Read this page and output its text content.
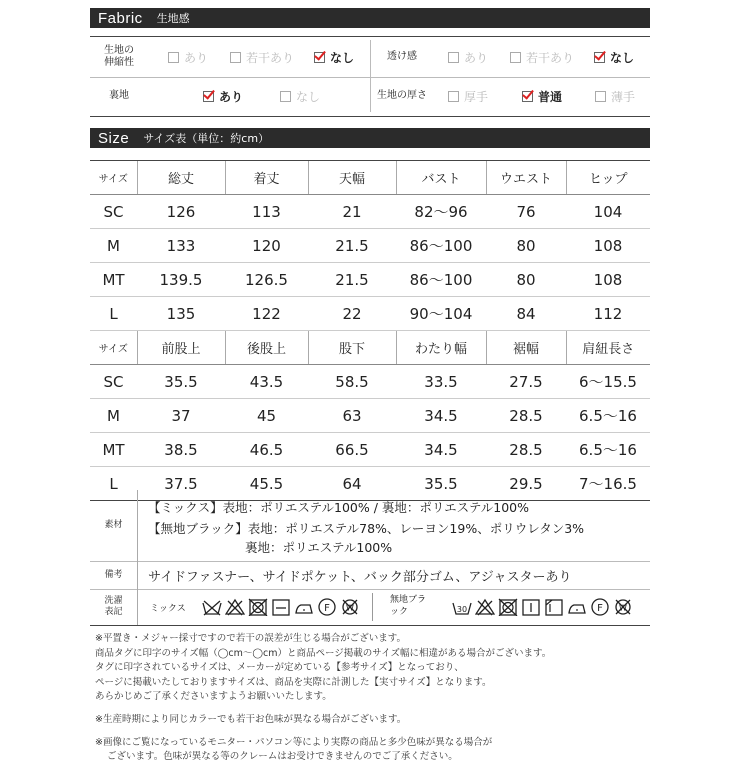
Fabric 生地感
生地の伸縮性	あり	若干あり	なし	透け感	あり	若干あり	なし
裏地	あり	なし	生地の厚さ	厚手	普通	薄手
Size サイズ表（単位：約cm）
サイズ	総丈	着丈	天幅	バスト	ウエスト	ヒップ
SC	126	113	21	82〜96	76	104
M	133	120	21.5	86〜100	80	108
MT	139.5	126.5	21.5	86〜100	80	108
L	135	122	22	90〜104	84	112
サイズ	前股上	後股上	股下	わたり幅	裾幅	肩紐長さ
SC	35.5	43.5	58.5	33.5	27.5	6〜15.5
M	37	45	63	34.5	28.5	6.5〜16
MT	38.5	46.5	66.5	34.5	28.5	6.5〜16
L	37.5	45.5	64	35.5	29.5	7〜16.5
素材
【ミックス】表地：ポリエステル100% / 裏地：ポリエステル100%
【無地ブラック】表地：ポリエステル78%、レーヨン19%、ポリウレタン3%
裏地：ポリエステル100%
備考	サイドファスナー、サイドポケット、バック部分ゴム、アジャスターあり
洗濯表記	ミックス	F W
無地ブラック	30	F W
※平置き・メジャー採寸ですので若干の誤差が生じる場合がございます。
商品タグに印字のサイズ幅（◯cm〜◯cm）と商品ページ掲載のサイズ幅に相違がある場合がございます。
タグに印字されているサイズは、メーカーが定めている【参考サイズ】となっており、
ページに掲載いたしておりますサイズは、商品を実際に計測した【実寸サイズ】となります。
あらかじめご了承くださいますようお願いいたします。
※生産時期により同じカラーでも若干お色味が異なる場合がございます。
※画像にご覧になっているモニター・パソコン等により実際の商品と多少色味が異なる場合が
ございます。色味が異なる等のクレームはお受けできませんのでご了承ください。
